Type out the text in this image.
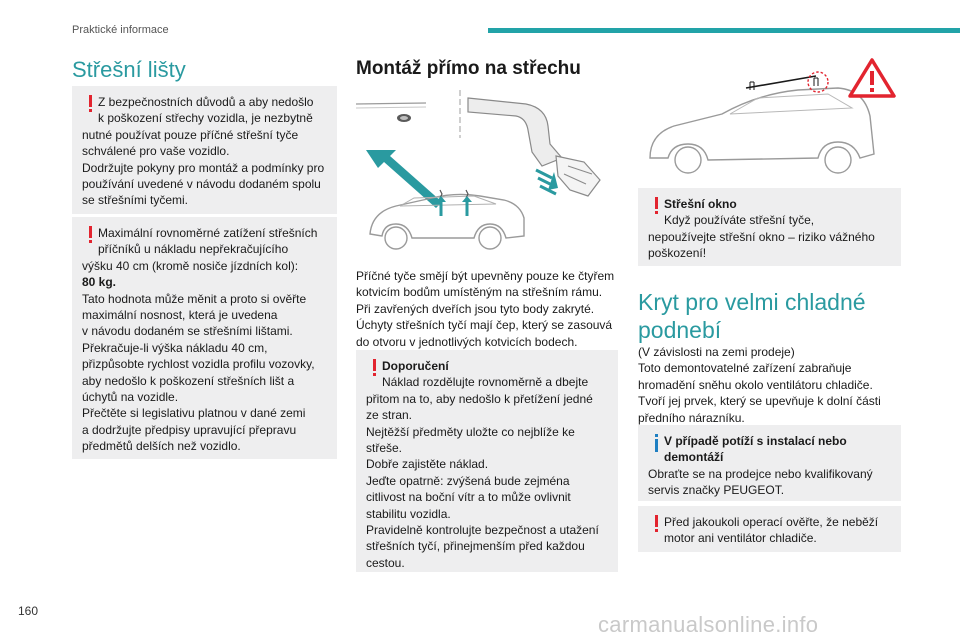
Praktické informace
Střešní lišty
Z bezpečnostních důvodů a aby nedošlo
k poškození střechy vozidla, je nezbytně
nutné používat pouze příčné střešní tyče
schválené pro vaše vozidlo.
Dodržujte pokyny pro montáž a podmínky pro
používání uvedené v návodu dodaném spolu
se střešními tyčemi.
Maximální rovnoměrné zatížení střešních
příčníků u nákladu nepřekračujícího
výšku 40 cm (kromě nosiče jízdních kol):
80 kg.
Tato hodnota může měnit a proto si ověřte
maximální nosnost, která je uvedena
v návodu dodaném se střešními lištami.
Překračuje-li výška nákladu 40 cm,
přizpůsobte rychlost vozidla profilu vozovky,
aby nedošlo k poškození střešních lišt a
úchytů na vozidle.
Přečtěte si legislativu platnou v dané zemi
a dodržujte předpisy upravující přepravu
předmětů delších než vozidlo.
Montáž přímo na střechu
Příčné tyče smějí být upevněny pouze ke čtyřem
kotvicím bodům umístěným na střešním rámu.
Při zavřených dveřích jsou tyto body zakryté.
Úchyty střešních tyčí mají čep, který se zasouvá
do otvoru v jednotlivých kotvicích bodech.
Doporučení
Náklad rozdělujte rovnoměrně a dbejte
přitom na to, aby nedošlo k přetížení jedné
ze stran.
Nejtěžší předměty uložte co nejblíže ke
střeše.
Dobře zajistěte náklad.
Jeďte opatrně: zvýšená bude zejména
citlivost na boční vítr a to může ovlivnit
stabilitu vozidla.
Pravidelně kontrolujte bezpečnost a utažení
střešních tyčí, přinejmenším před každou
cestou.
Střešní okno
Když používáte střešní tyče,
nepoužívejte střešní okno – riziko vážného
poškození!
Kryt pro velmi chladné
podnebí
(V závislosti na zemi prodeje)
Toto demontovatelné zařízení zabraňuje
hromadění sněhu okolo ventilátoru chladiče.
Tvoří jej prvek, který se upevňuje k dolní části
předního nárazníku.
V případě potíží s instalací nebo
demontáží
Obraťte se na prodejce nebo kvalifikovaný
servis značky PEUGEOT.
Před jakoukoli operací ověřte, že neběží
motor ani ventilátor chladiče.
160
carmanualsonline.info
